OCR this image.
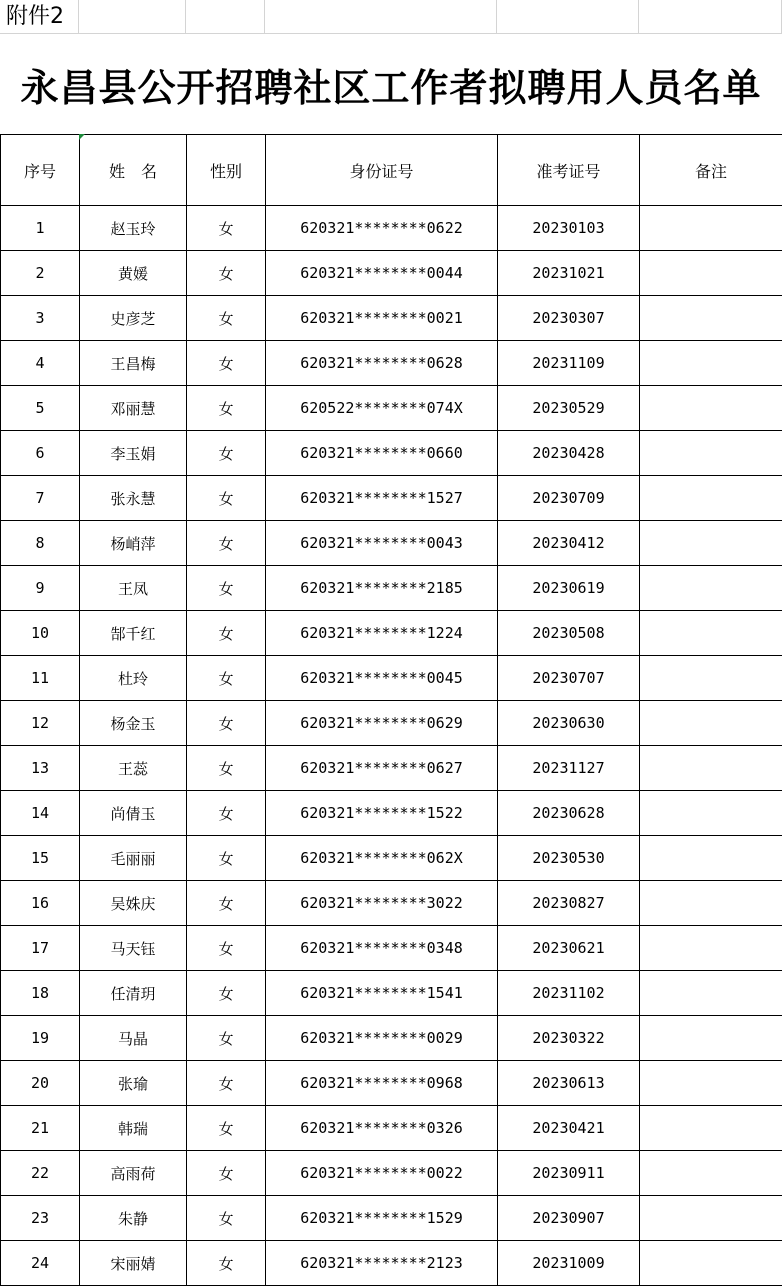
附件2
永昌县公开招聘社区工作者拟聘用人员名单
序号	姓　名	性别	身份证号	准考证号	备注
1	赵玉玲	女	620321********0622	20230103	
2	黄媛	女	620321********0044	20231021	
3	史彦芝	女	620321********0021	20230307	
4	王昌梅	女	620321********0628	20231109	
5	邓丽慧	女	620522********074X	20230529	
6	李玉娟	女	620321********0660	20230428	
7	张永慧	女	620321********1527	20230709	
8	杨峭萍	女	620321********0043	20230412	
9	王凤	女	620321********2185	20230619	
10	郜千红	女	620321********1224	20230508	
11	杜玲	女	620321********0045	20230707	
12	杨金玉	女	620321********0629	20230630	
13	王蕊	女	620321********0627	20231127	
14	尚倩玉	女	620321********1522	20230628	
15	毛丽丽	女	620321********062X	20230530	
16	吴姝庆	女	620321********3022	20230827	
17	马天钰	女	620321********0348	20230621	
18	任清玥	女	620321********1541	20231102	
19	马晶	女	620321********0029	20230322	
20	张瑜	女	620321********0968	20230613	
21	韩瑞	女	620321********0326	20230421	
22	高雨荷	女	620321********0022	20230911	
23	朱静	女	620321********1529	20230907	
24	宋丽婧	女	620321********2123	20231009	
